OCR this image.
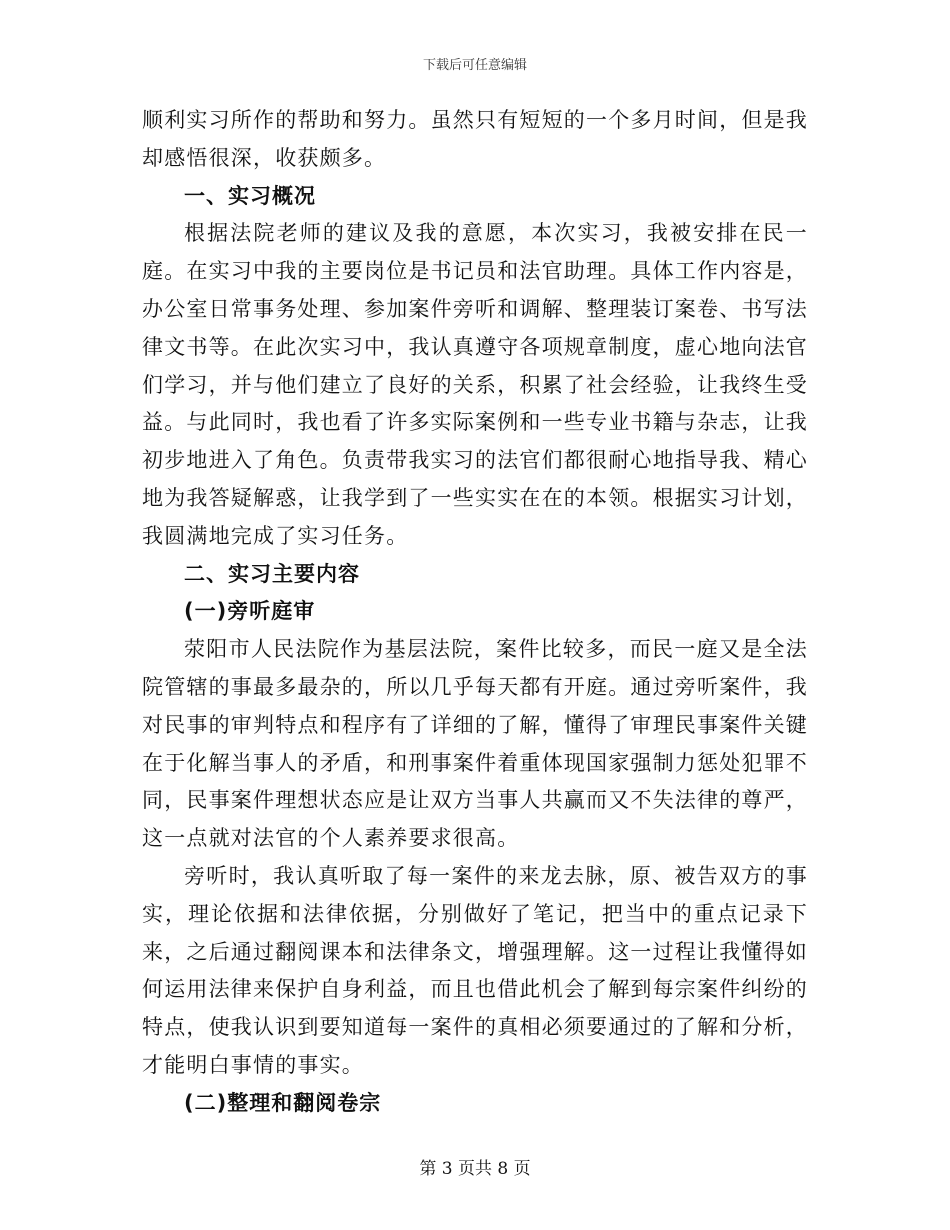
下载后可任意编辑

顺利实习所作的帮助和努力。虽然只有短短的一个多月时间，但是我却感悟很深，收获颇多。

一、实习概况

根据法院老师的建议及我的意愿，本次实习，我被安排在民一庭。在实习中我的主要岗位是书记员和法官助理。具体工作内容是，办公室日常事务处理、参加案件旁听和调解、整理装订案卷、书写法律文书等。在此次实习中，我认真遵守各项规章制度，虚心地向法官们学习，并与他们建立了良好的关系，积累了社会经验，让我终生受益。与此同时，我也看了许多实际案例和一些专业书籍与杂志，让我初步地进入了角色。负责带我实习的法官们都很耐心地指导我、精心地为我答疑解惑，让我学到了一些实实在在的本领。根据实习计划，我圆满地完成了实习任务。

二、实习主要内容

(一)旁听庭审

荥阳市人民法院作为基层法院，案件比较多，而民一庭又是全法院管辖的事最多最杂的，所以几乎每天都有开庭。通过旁听案件，我对民事的审判特点和程序有了详细的了解，懂得了审理民事案件关键在于化解当事人的矛盾，和刑事案件着重体现国家强制力惩处犯罪不同，民事案件理想状态应是让双方当事人共赢而又不失法律的尊严，这一点就对法官的个人素养要求很高。

旁听时，我认真听取了每一案件的来龙去脉，原、被告双方的事实，理论依据和法律依据，分别做好了笔记，把当中的重点记录下来，之后通过翻阅课本和法律条文，增强理解。这一过程让我懂得如何运用法律来保护自身利益，而且也借此机会了解到每宗案件纠纷的特点，使我认识到要知道每一案件的真相必须要通过的了解和分析，才能明白事情的事实。

(二)整理和翻阅卷宗

第 3 页共 8 页
